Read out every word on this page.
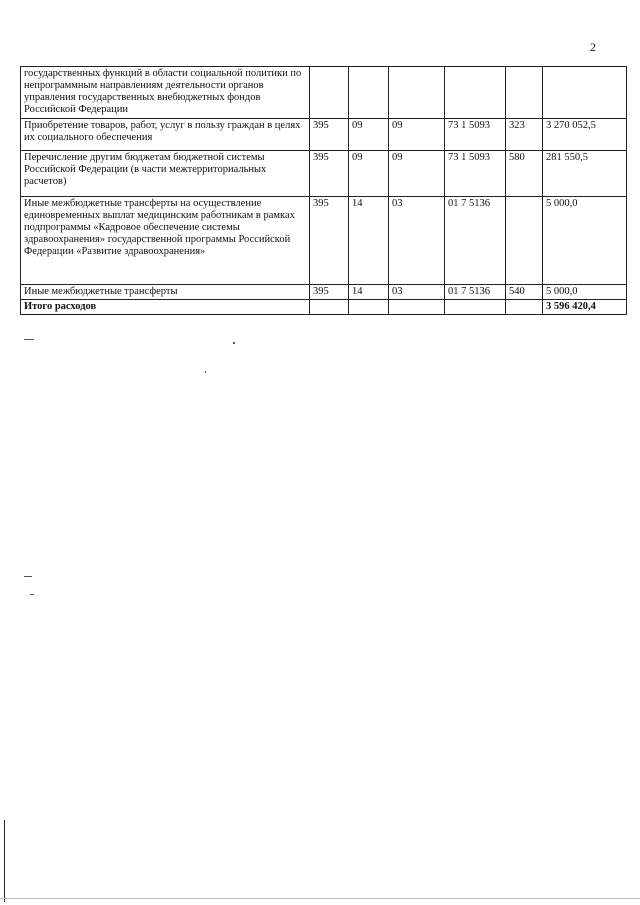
2
государственных функций в области социальной политики по непрограммным направлениям деятельности органов управления государственных внебюджетных фондов Российской Федерации						
Приобретение товаров, работ, услуг в пользу граждан в целях их социального обеспечения	395	09	09	73 1 5093	323	3 270 052,5
Перечисление другим бюджетам бюджетной системы Российской Федерации (в части межтерриториальных расчетов)	395	09	09	73 1 5093	580	281 550,5
Иные межбюджетные трансферты на осуществление единовременных выплат медицинским работникам в рамках подпрограммы «Кадровое обеспечение системы здравоохранения» государственной программы Российской Федерации «Развитие здравоохранения»	395	14	03	01 7 5136		5 000,0
Иные межбюджетные трансферты	395	14	03	01 7 5136	540	5 000,0
Итого расходов						3 596 420,4
